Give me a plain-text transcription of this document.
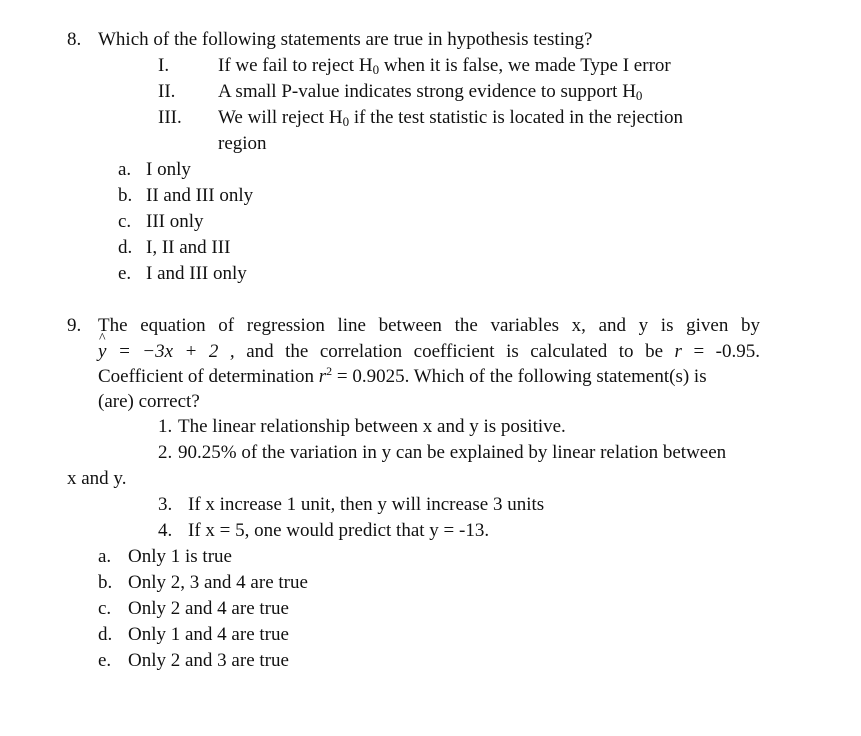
8. Which of the following statements are true in hypothesis testing?
I.	If we fail to reject H0 when it is false, we made Type I error
II. A small P-value indicates strong evidence to support H0
III. We will reject H0 if the test statistic is located in the rejection
region
a. I only
b. II and III only
c. III only
d. I, II and III
e. I and III only
9. The equation of regression line between the variables x, and y is given by
^ y = −3x + 2 , and the correlation coefficient is calculated to be r = -0.95.
Coefficient of determination $r^2 = 0.9025$. Which of the following statement(s) is
(are) correct?
1. The linear relationship between x and y is positive.
2. 90.25% of the variation in y can be explained by linear relation between
x and y.
3. If x increase 1 unit, then y will increase 3 units
4. If x = 5, one would predict that y = -13.
a. Only 1 is true
b. Only 2, 3 and 4 are true
c. Only 2 and 4 are true
d. Only 1 and 4 are true
e. Only 2 and 3 are true
